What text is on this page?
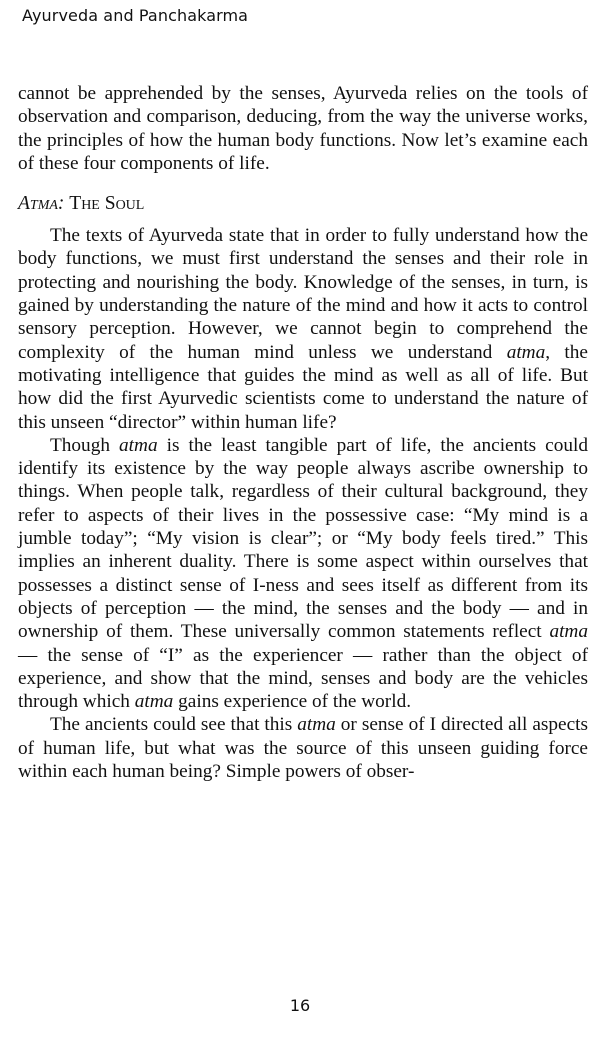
Ayurveda and Panchakarma

cannot be apprehended by the senses, Ayurveda relies on the tools of observation and comparison, deducing, from the way the universe works, the principles of how the human body functions. Now let’s examine each of these four components of life.

Atma: The Soul

The texts of Ayurveda state that in order to fully understand how the body functions, we must first understand the senses and their role in protecting and nourishing the body. Knowledge of the senses, in turn, is gained by understanding the nature of the mind and how it acts to control sensory perception. However, we cannot begin to comprehend the complexity of the human mind unless we understand atma, the motivating intelligence that guides the mind as well as all of life. But how did the first Ayurvedic scientists come to understand the nature of this unseen “director” within human life?

Though atma is the least tangible part of life, the ancients could identify its existence by the way people always ascribe ownership to things. When people talk, regardless of their cultural background, they refer to aspects of their lives in the possessive case: “My mind is a jumble today”; “My vision is clear”; or “My body feels tired.” This implies an inherent duality. There is some aspect within ourselves that possesses a distinct sense of I-ness and sees itself as different from its objects of perception — the mind, the senses and the body — and in ownership of them. These universally common statements reflect atma — the sense of “I” as the experiencer — rather than the object of experience, and show that the mind, senses and body are the vehicles through which atma gains experience of the world.

The ancients could see that this atma or sense of I directed all aspects of human life, but what was the source of this unseen guiding force within each human being? Simple powers of obser-

16
